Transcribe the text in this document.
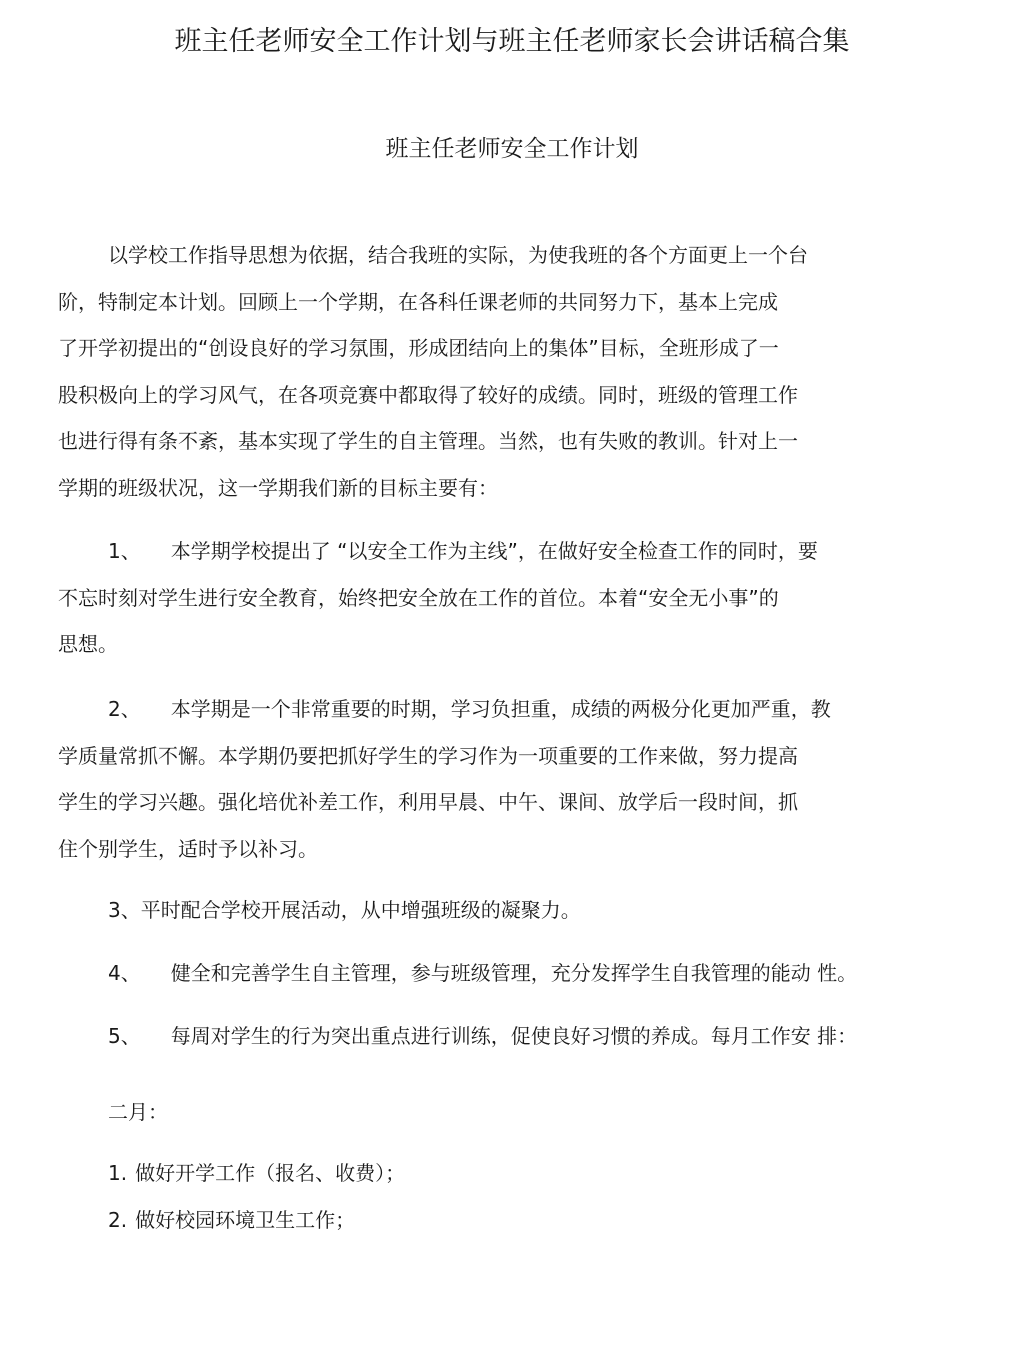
班主任老师安全工作计划与班主任老师家长会讲话稿合集
班主任老师安全工作计划
以学校工作指导思想为依据，结合我班的实际，为使我班的各个方面更上一个台
阶，特制定本计划。回顾上一个学期，在各科任课老师的共同努力下，基本上完成
了开学初提出的“创设良好的学习氛围，形成团结向上的集体”目标，全班形成了一
股积极向上的学习风气，在各项竞赛中都取得了较好的成绩。同时，班级的管理工作
也进行得有条不紊，基本实现了学生的自主管理。当然，也有失败的教训。针对上一
学期的班级状况，这一学期我们新的目标主要有：
1、 本学期学校提出了 “以安全工作为主线”，在做好安全检查工作的同时，要
不忘时刻对学生进行安全教育，始终把安全放在工作的首位。本着“安全无小事”的
思想。
2、 本学期是一个非常重要的时期，学习负担重，成绩的两极分化更加严重，教
学质量常抓不懈。本学期仍要把抓好学生的学习作为一项重要的工作来做，努力提高
学生的学习兴趣。强化培优补差工作，利用早晨、中午、课间、放学后一段时间，抓
住个别学生，适时予以补习。
3、平时配合学校开展活动，从中增强班级的凝聚力。
4、 健全和完善学生自主管理，参与班级管理，充分发挥学生自我管理的能动 性。
5、 每周对学生的行为突出重点进行训练，促使良好习惯的养成。每月工作安 排：
二月：
1. 做好开学工作（报名、收费）；
2. 做好校园环境卫生工作；
